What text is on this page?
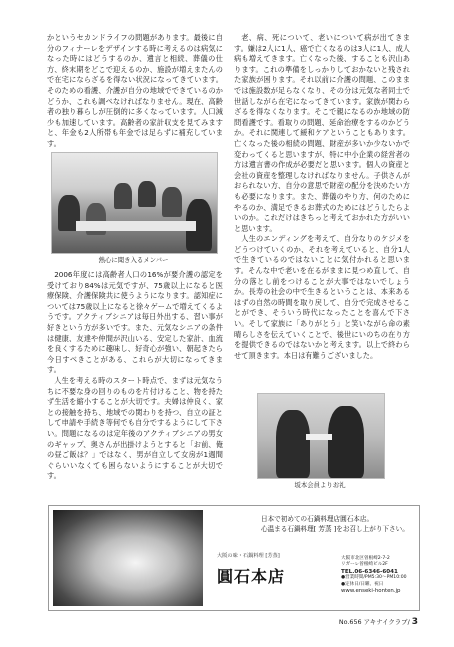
かというセカンドライフの問題があります。最後に自分のフィナーレをデザインする時に考えるのは病気になった時にはどうするのか、遺言と相続、葬儀の仕方、終末期をどこで迎えるのか、施設が増えまたんので在宅にならざるを得ない状況になってきています。そのための看護、介護が自分の地域でできているのかどうか、これも調べなければなりません。現在、高齢者の独り暮らしが圧倒的に多くなっています。人口減少も加速しています。高齢者の家計収支を見てみますと、年金も2人所帯も年金では足らずに補充しています。

熱心に聞き入るメンバー

2006年度には高齢者人口の16%が要介護の認定を受けており84%は元気ですが、75歳以上になると医療保険、介護保険共に使うようになります。認知症については75歳以上になると徐々ゲームで増えてくるようです。アクティブシニアは毎日外出する、習い事が好きという方が多いです。また、元気なシニアの条件は健康、友達や仲間が沢山いる、安定した家計、血流を良くするために趣味し、好奇心が強い、朝起きたら今日すべきことがある、これらが大切になってきます。

人生を考える時のスタート時点で、まずは元気なうちに不要な身の回りのものを片付けること、物を持たず生活を縮小することが大切です。夫婦は仲良く、家との接触を持ち、地域での関わりを持つ、自立の証として申請や手続き等何でも自分でするようにして下さい。問題になるのは定年後のアクティブシニアの男女のギャップ、奥さんが出掛けようとすると「お前、俺の昼ご飯は？」ではなく、男が自立して女房が1週間ぐらいいなくても困らないようにすることが大切です。

老、病、死について、老いについて病が出てきます。嫌は2人に1人、癌で亡くなるのは3人に1人、成人病も増えてきます。亡くなった後、することも沢山あります。これの準備をしっかりしておかないと残された家族が困ります。それ以前に介護の問題、このままでは施設数が足らなくなり、その分は元気な者同士で世話しながら在宅になってきています。家族が関わらざるを得なくなります。そこで親になるのか地域の防問看護です。看取りの問題、延命治療をするのかどうか。それに関連して緩和ケアということもあります。亡くなった後の相続の問題、財産が多いか少ないかで変わってくると思いますが、特に中小企業の経営者の方は遺言書の作成が必要だと思います。個人の資産と会社の資産を整理しなければなりません。子供さんがおられない方、自分の意思で財産の配分を決めたい方も必要になります。また、葬儀のやり方、何のためにやるのか、満足できるお葬式のためにはどうしたらよいのか。これだけはきちっと考えておかれた方がいいと思います。

人生のエンディングを考えて、自分なりのケジメをどうつけていくのか、それを考えていると、自分1人で生きているのではないことに気付かれると思います。そんな中で老いを在るがままに見つめ直して、自分の落とし前をつけることが大事ではないでしょうか。長寿の社会の中で生きるということは、本来あるはずの自然の時間を取り戻して、自分で完成させることができ、そういう時代になったことを喜んで下さい。そして家族に「ありがとう」と笑いながら命の素晴らしさを伝えていくことで、後世にいのちの在り方を提供できるのではないかと考えます。以上で終わらせて頂きます。本日は有難うございました。

坂本会員よりお礼
日本で初めての石鍋料理店圓石本店。
心温まる石鍋料理[ 芳蒸 ]をお召し上がり下さい。
大阪の味・石鍋料理 [芳蒸]
圓石本店
大阪市北区曽根崎2-7-2
リガーレ曽根崎ビル2F
TEL.06-6346-6041
●営業時間/PM5:30～PM10:00
●定休日/日曜、祝日
www.enseki-honten.jp
No.656 アキナイクラブ/ 3
